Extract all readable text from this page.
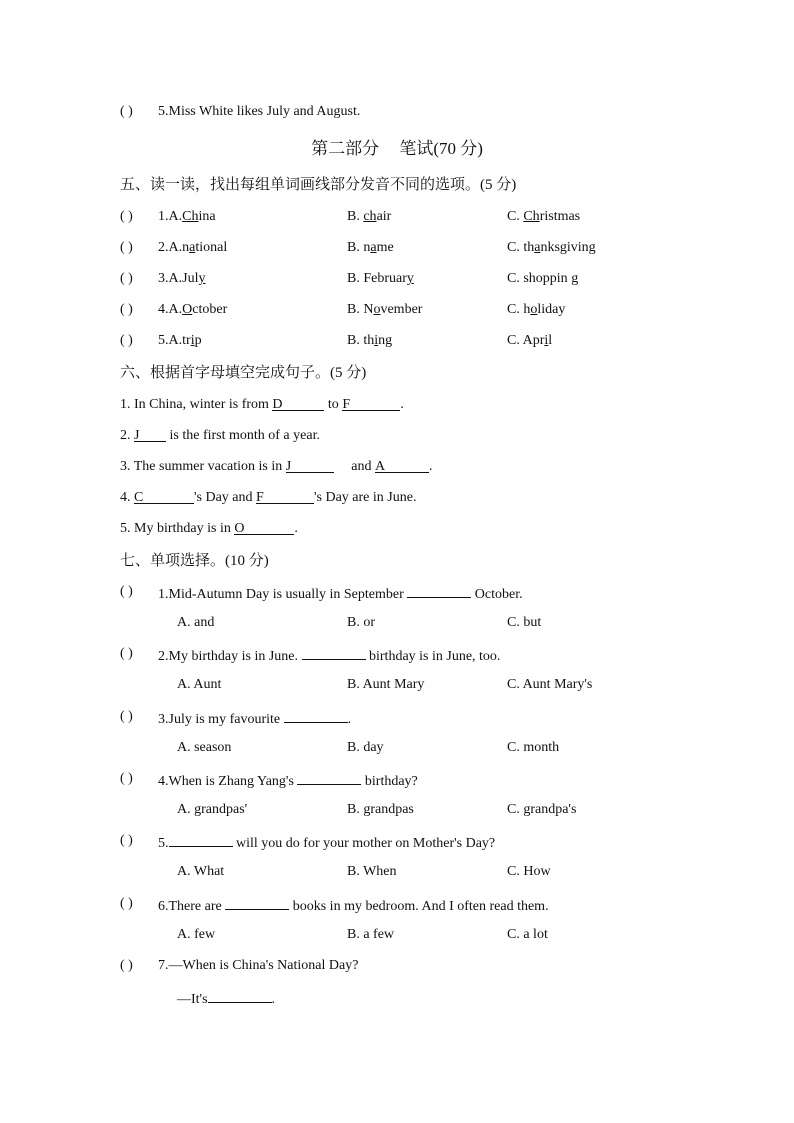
( ) 5.Miss White likes July and August.
第二部分 笔试(70 分)
五、读一读，找出每组单词画线部分发音不同的选项。(5 分)
( ) 1.A.China	B. chair	C. Christmas
( ) 2.A.national	B. name	C. thanksgiving
( ) 3.A.July	B. February	C. shoppin g
( ) 4.A.October	B. November	C. holiday
( ) 5.A.trip	B. thing	C. April
六、根据首字母填空完成句子。(5 分)
1. In China, winter is from D	to F	.
2. J is the first month of a year.
3. The summer vacation is in J	and A	.
4. C	's Day and F	's Day are in June.
5. My birthday is in O	.
七、单项选择。(10 分)
( ) 1.Mid-Autumn Day is usually in September	October.
A. and	B. or	C. but
( ) 2.My birthday is in June.	birthday is in June, too.
A. Aunt	B. Aunt Mary	C. Aunt Mary's
( ) 3.July is my favourite	.
A. season	B. day	C. month
( ) 4.When is Zhang Yang's	birthday?
A. grandpas'	B. grandpas	C. grandpa's
( ) 5.	will you do for your mother on Mother's Day?
A. What	B. When	C. How
( ) 6.There are	books in my bedroom. And I often read them.
A. few	B. a few	C. a lot
( ) 7.—When is China's National Day?
—It's	.
